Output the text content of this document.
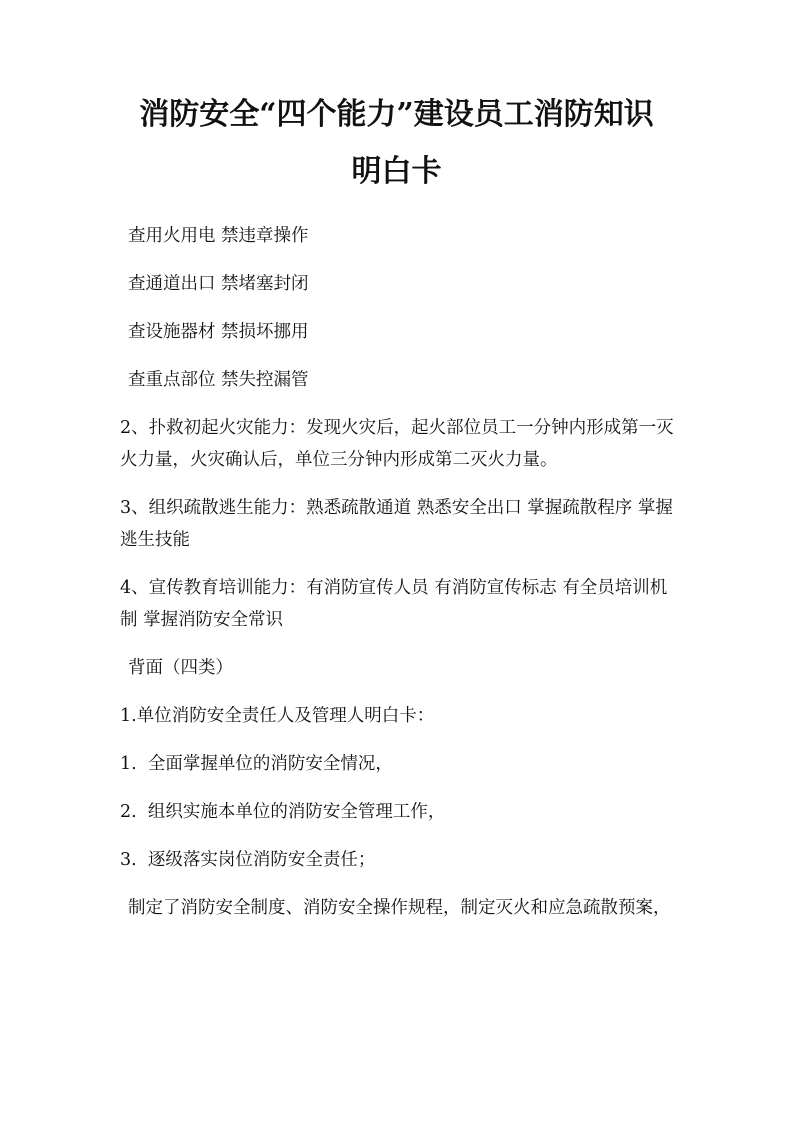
消防安全“四个能力”建设员工消防知识
明白卡

查用火用电 禁违章操作

查通道出口 禁堵塞封闭

查设施器材 禁损坏挪用

查重点部位 禁失控漏管

2、扑救初起火灾能力：发现火灾后，起火部位员工一分钟内形成第一灭火力量，火灾确认后，单位三分钟内形成第二灭火力量。

3、组织疏散逃生能力：熟悉疏散通道 熟悉安全出口 掌握疏散程序 掌握逃生技能

4、宣传教育培训能力：有消防宣传人员 有消防宣传标志 有全员培训机制 掌握消防安全常识

背面（四类）

1.单位消防安全责任人及管理人明白卡：

1.  全面掌握单位的消防安全情况，

2.  组织实施本单位的消防安全管理工作，

3.  逐级落实岗位消防安全责任；

制定了消防安全制度、消防安全操作规程，制定灭火和应急疏散预案，
